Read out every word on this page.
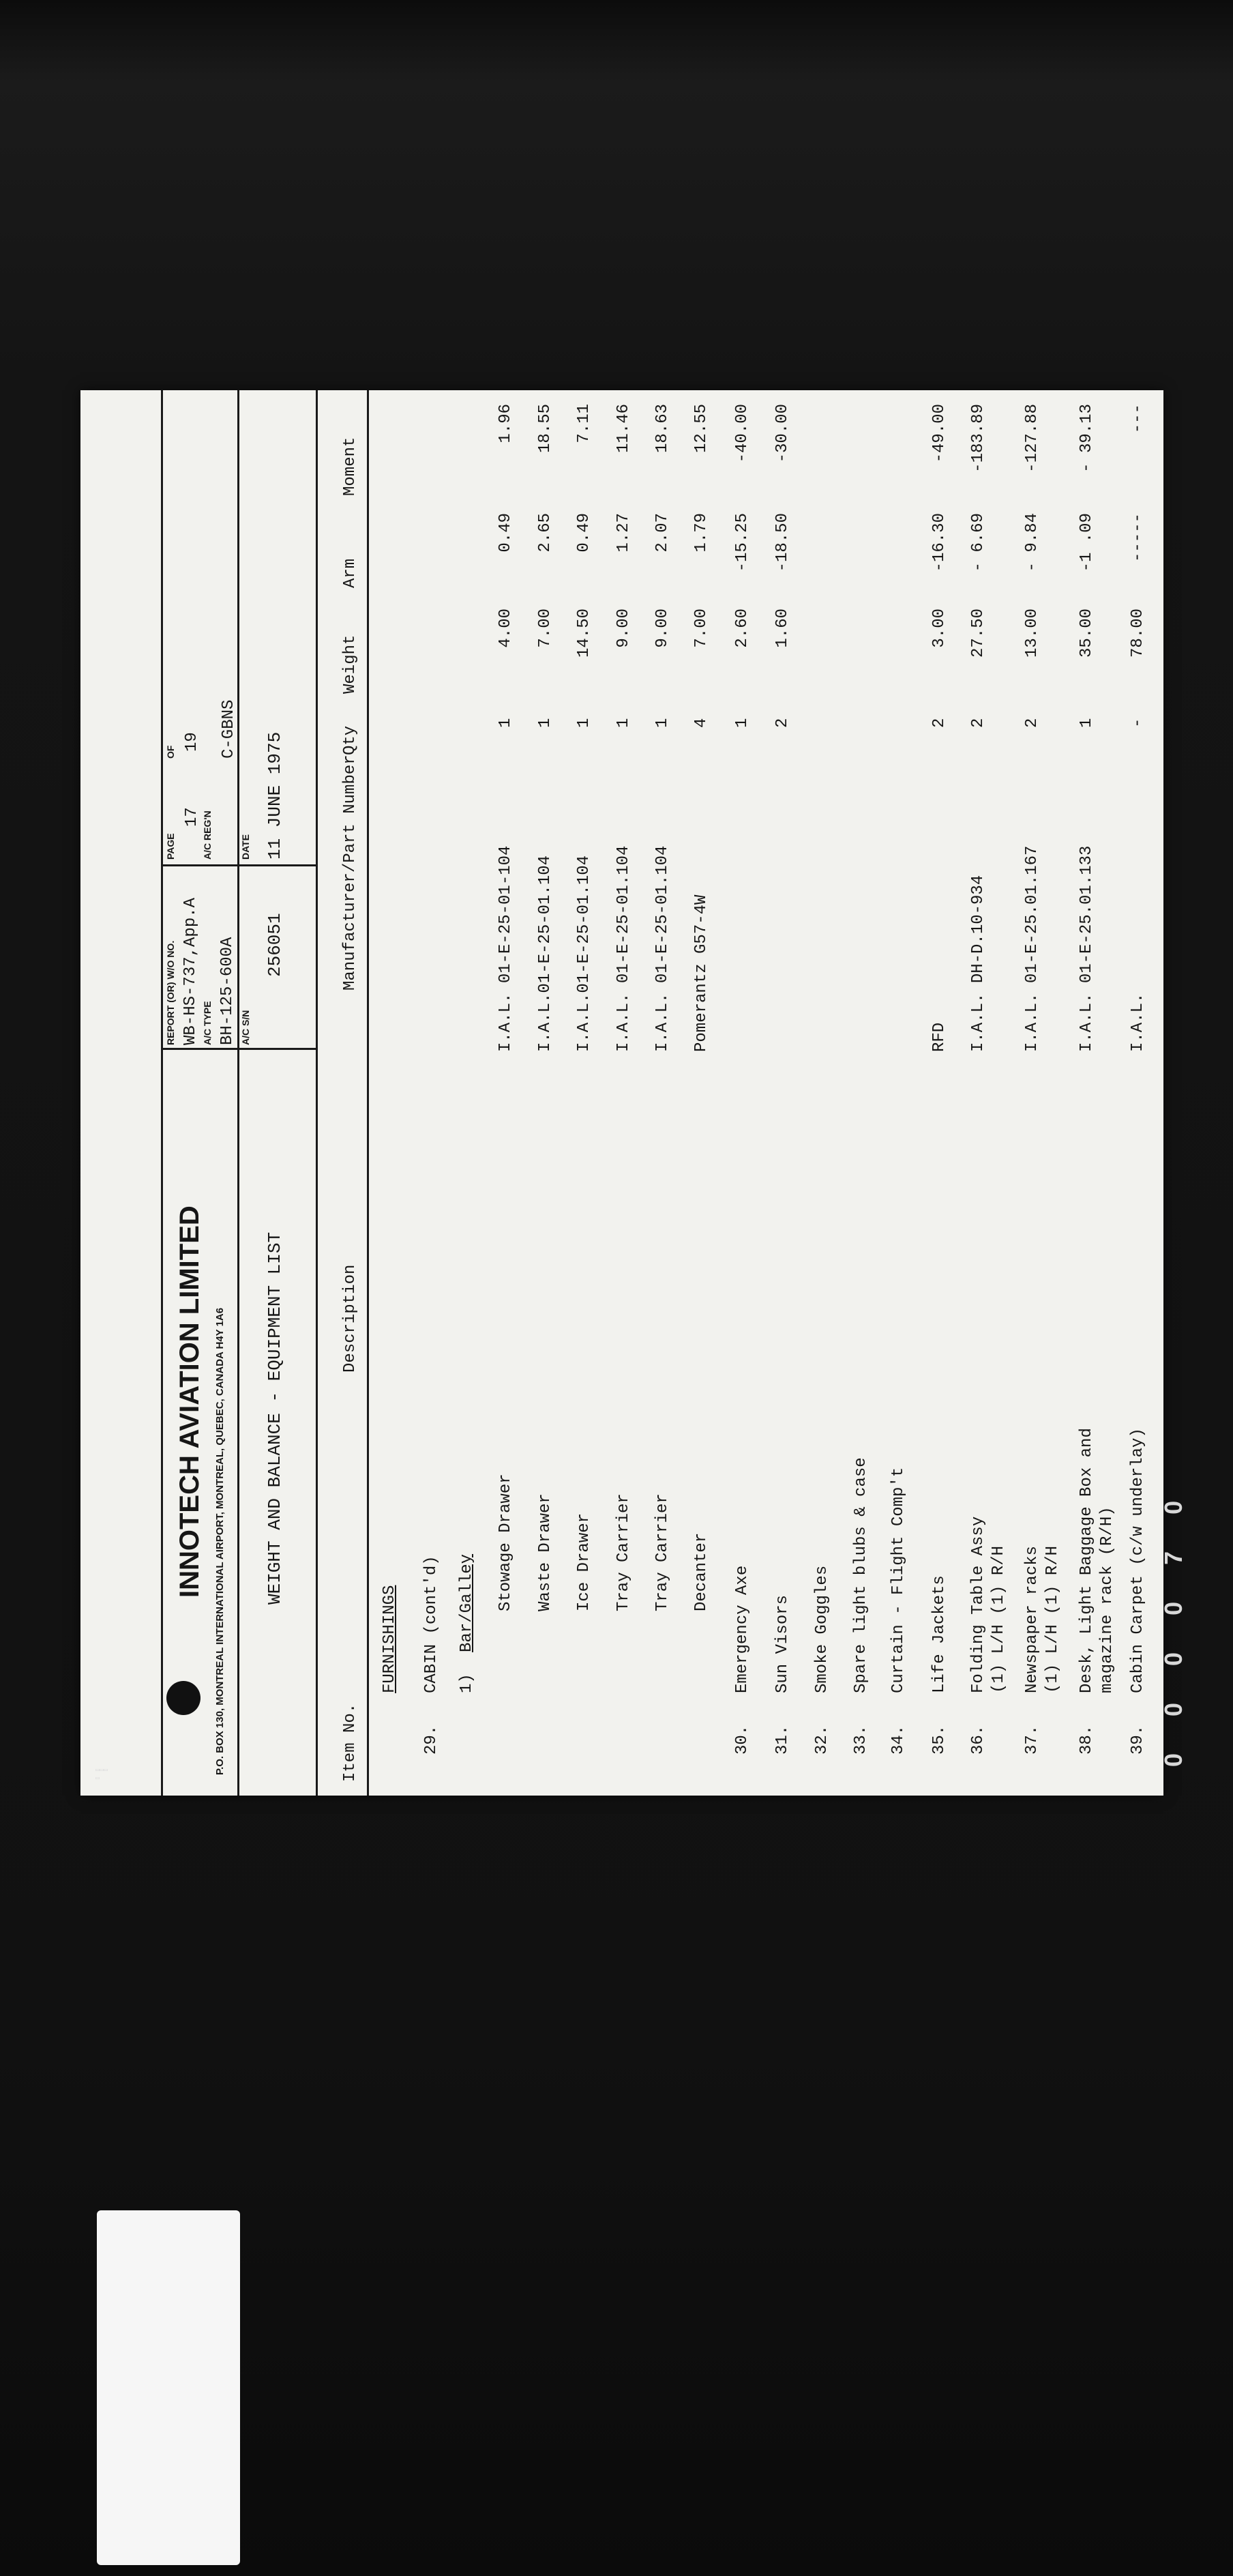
INNOTECH AVIATION LIMITED P.O. BOX 130, MONTREAL INTERNATIONAL AIRPORT, MONTREAL, QUEBEC, CANADA H4Y 1A6 WEIGHT AND BALANCE - EQUIPMENT LIST
REPORT (OR) W/O NO. WB-HS-737,App.A A/C TYPE BH-125-600A A/C S/N
256051
PAGE
OF
17
19
A/C REG'N
C-GBNS
DATE 11 JUNE 1975
Item No.
Description
Manufacturer/Part Number
Qty
Weight
Arm
Moment
FURNISHINGS
29.
CABIN (cont'd) 1)
Bar/Galley Stowage Drawer
I.A.L. 01-E-25-01-104
1
4.00
0.49
1.96
Waste Drawer
I.A.L.01-E-25-01.104
1
7.00
2.65
18.55
Ice Drawer
I.A.L.01-E-25-01.104
1
14.50
0.49
7.11
Tray Carrier
I.A.L. 01-E-25-01.104
1
9.00
1.27
11.46
Tray Carrier
I.A.L. 01-E-25-01.104
1
9.00
2.07
18.63
Decanter
Pomerantz G57-4W
4
7.00
1.79
12.55
30.
Emergency Axe
1
2.60
-15.25
-40.00
31.
Sun Visors
2
1.60
-18.50
-30.00
32.
Smoke Goggles
33.
Spare light blubs & case
34.
Curtain - Flight Comp't
35.
Life Jackets
RFD
2
3.00
-16.30
-49.00
36.
Folding Table Assy (1) L/H (1) R/H
I.A.L. DH-D.10-934
2
27.50
- 6.69
-183.89
37.
Newspaper racks (1) L/H (1) R/H
I.A.L. 01-E-25.01.167
2
13.00
- 9.84
-127.88
38.
Desk, Light Baggage Box and magazine rack (R/H)
I.A.L. 01-E-25.01.133
1
35.00
-1 .09
- 39.13
39.
Cabin Carpet (c/w underlay)
I.A.L.
-
78.00
-----
---
▭▭▭
▭
0 0 0 0 7 0
